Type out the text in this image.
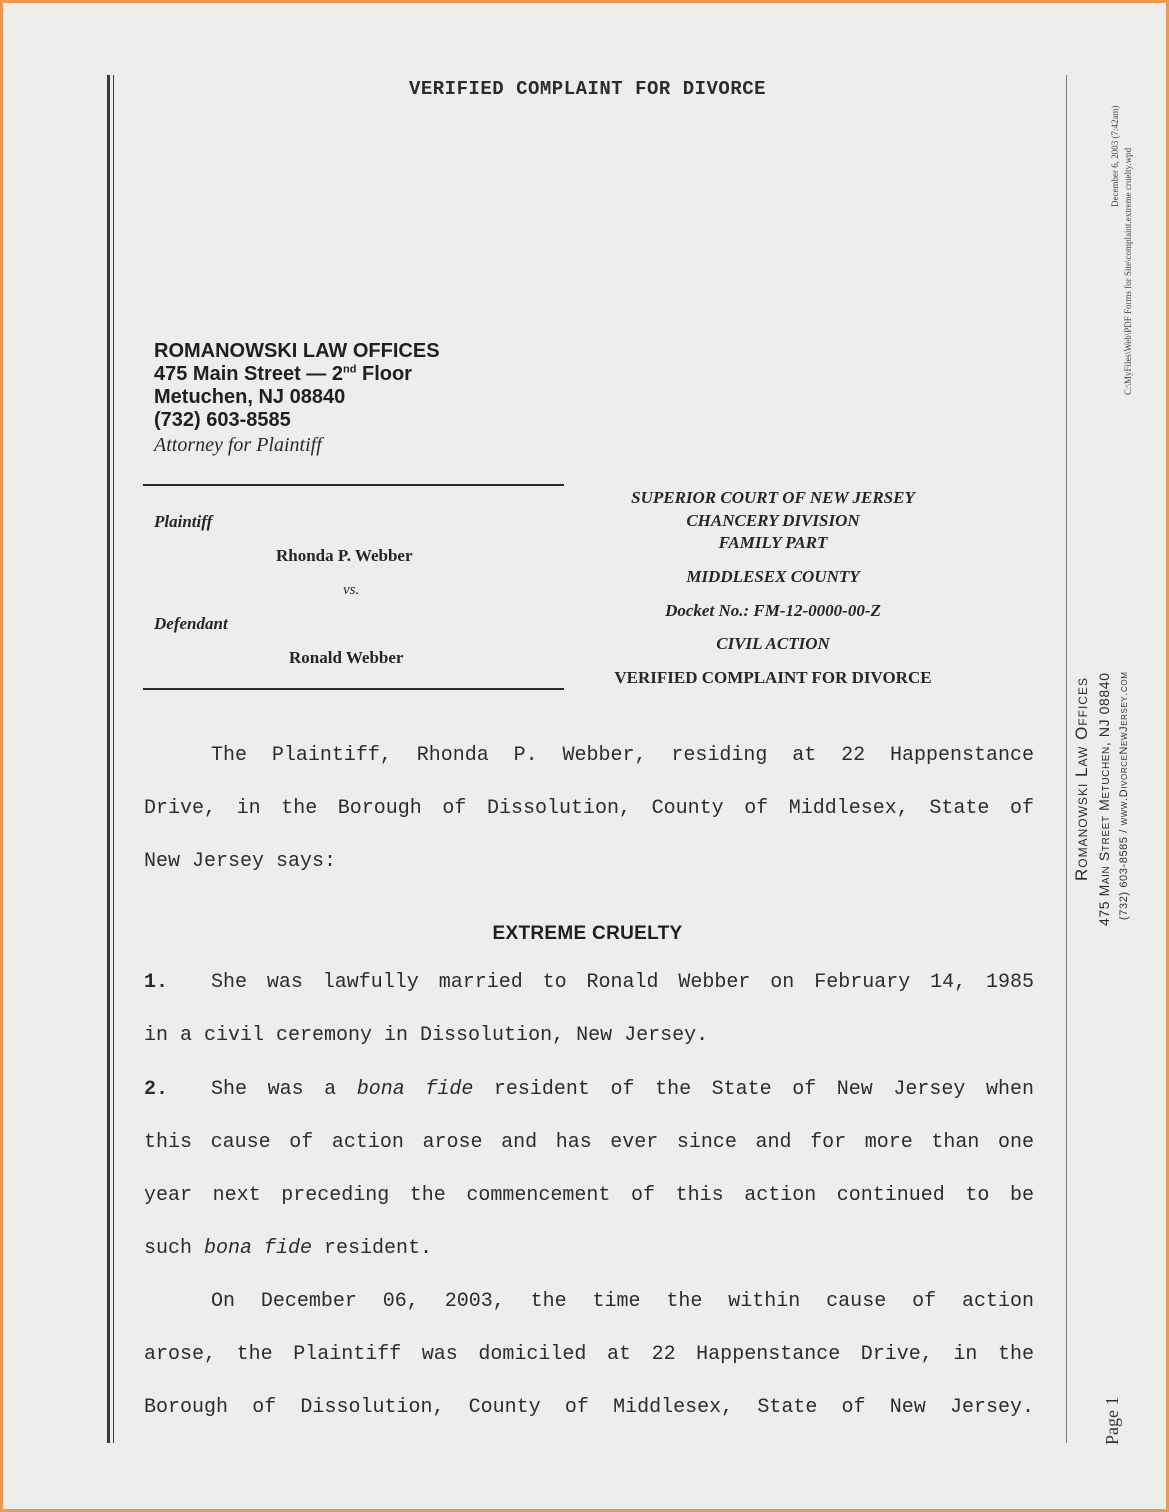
VERIFIED COMPLAINT FOR DIVORCE
ROMANOWSKI LAW OFFICES
475 Main Street — 2nd Floor
Metuchen, NJ 08840
(732) 603-8585
Attorney for Plaintiff
Plaintiff
Rhonda P. Webber
vs.
Defendant
Ronald Webber
SUPERIOR COURT OF NEW JERSEY
CHANCERY DIVISION
FAMILY PART
MIDDLESEX COUNTY
Docket No.: FM-12-0000-00-Z
CIVIL ACTION
VERIFIED COMPLAINT FOR DIVORCE
The Plaintiff, Rhonda P. Webber, residing at 22 Happenstance
Drive, in the Borough of Dissolution, County of Middlesex, State of
New Jersey says:
EXTREME CRUELTY
1. She was lawfully married to Ronald Webber on February 14, 1985
in a civil ceremony in Dissolution, New Jersey.
2. She was a bona fide resident of the State of New Jersey when
this cause of action arose and has ever since and for more than one
year next preceding the commencement of this action continued to be
such bona fide resident.
On December 06, 2003, the time the within cause of action
arose, the Plaintiff was domiciled at 22 Happenstance Drive, in the
Borough of Dissolution, County of Middlesex, State of New Jersey.
December 6, 2003 (7:42am) C:\MyFiles\Web\PDF Forms for Site\complaint.extreme cruelty.wpd
Romanowski Law Offices 475 Main Street Metuchen, NJ 08840 (732) 603-8585 / www.DivorceNewJersey.com
Page 1
